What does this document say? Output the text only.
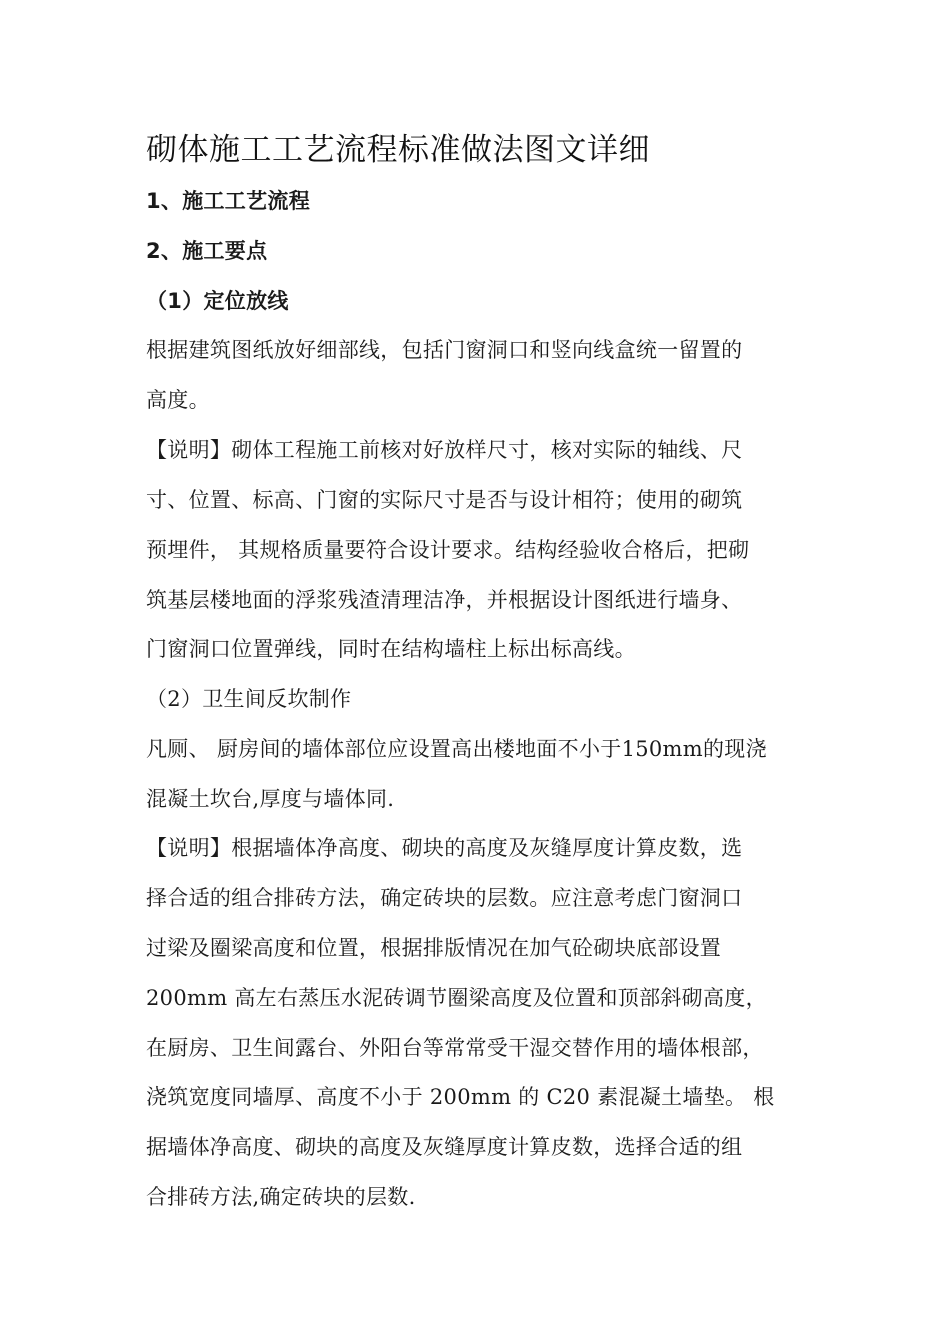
砌体施工工艺流程标准做法图文详细
1、施工工艺流程
2、施工要点
（1）定位放线
根据建筑图纸放好细部线，包括门窗洞口和竖向线盒统一留置的
高度。
【说明】砌体工程施工前核对好放样尺寸，核对实际的轴线、尺
寸、位置、标高、门窗的实际尺寸是否与设计相符；使用的砌筑
预埋件， 其规格质量要符合设计要求。结构经验收合格后，把砌
筑基层楼地面的浮浆残渣清理洁净，并根据设计图纸进行墙身、
门窗洞口位置弹线，同时在结构墙柱上标出标高线。
（2）卫生间反坎制作
凡厕、 厨房间的墙体部位应设置高出楼地面不小于150mm的现浇
混凝土坎台,厚度与墙体同.
【说明】根据墙体净高度、砌块的高度及灰缝厚度计算皮数，选
择合适的组合排砖方法，确定砖块的层数。应注意考虑门窗洞口
过梁及圈梁高度和位置，根据排版情况在加气砼砌块底部设置
200mm 高左右蒸压水泥砖调节圈梁高度及位置和顶部斜砌高度，
在厨房、卫生间露台、外阳台等常常受干湿交替作用的墙体根部，
浇筑宽度同墙厚、高度不小于 200mm 的 C20 素混凝土墙垫。 根
据墙体净高度、砌块的高度及灰缝厚度计算皮数，选择合适的组
合排砖方法,确定砖块的层数.
